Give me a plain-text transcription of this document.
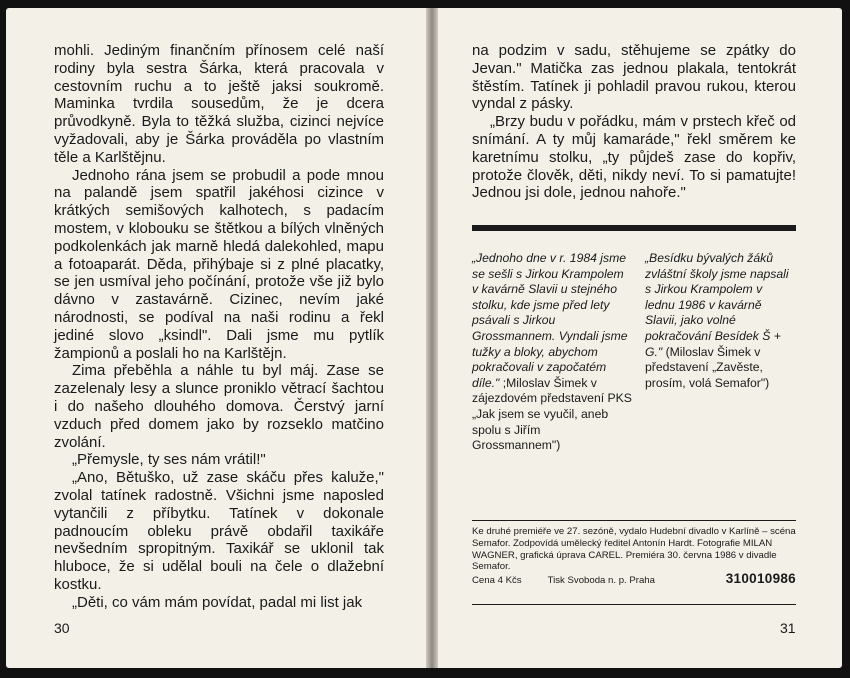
mohli. Jediným finančním přínosem celé naší rodiny byla sestra Šárka, která pracovala v cestovním ruchu a to ještě jaksi soukromě. Maminka tvrdila sousedům, že je dcera průvodkyně. Byla to těžká služba, cizinci nejvíce vyžadovali, aby je Šárka prováděla po vlastním těle a Karlštějnu.

Jednoho ránа jsem se probudil a pode mnou na palandě jsem spatřil jakéhosi cizince v krátkých semišových kalhotech, s padacím mostem, v klobouku se štětkou a bílých vlněných podkolenkách jak marně hledá dalekohled, mapu a fotoaparát. Děda, přihýbaje si z plné placatky, se jen usmíval jeho počínání, protože vše již bylo dávno v zastavárně. Cizinec, nevím jaké národnosti, se podíval na naši rodinu a řekl jediné slovo „ksindl". Dali jsme mu pytlík žampionů a poslali ho na Karlštějn.

Zima přeběhla a náhle tu byl máj. Zase se zazelenaly lesy a slunce proniklo větrací šachtou i do našeho dlouhého domova. Čerstvý jarní vzduch před domem jako by rozseklo matčino zvolání.

„Přemysle, ty ses nám vrátil!"

„Ano, Bětuško, už zase skáču přes kaluže," zvolal tatínek radostně. Všichni jsme naposled vytančili z příbytku. Tatínek v dokonale padnoucím obleku právě obdařil taxikáře nevšedním spropitným. Taxikář se uklonil tak hluboce, že si udělal bouli na čele o dlažební kostku.

„Děti, co vám mám povídat, padal mi list jak

30

na podzim v sadu, stěhujeme se zpátky do Jevan." Matička zas jednou plakala, tentokrát štěstím. Tatínek ji pohladil pravou rukou, kterou vyndal z pásky.

„Brzy budu v pořádku, mám v prstech křeč od snímání. A ty můj kamaráde," řekl směrem ke karetnímu stolku, „ty půjdeš zase do kopřiv, protože člověk, děti, nikdy neví. To si pamatujte! Jednou jsi dole, jednou nahoře."

„Jednoho dne v r. 1984 jsme se sešli s Jirkou Krampolem v kavárně Slavii u stejného stolku, kde jsme před lety psávali s Jirkou Grossmannem. Vyndali jsme tužky a bloky, abychom pokračovali v započatém díle." ;Miloslav Šimek v zájezdovém představení PKS „Jak jsem se vyučil, aneb spolu s Jiřím Grossmannem")
„Besídku bývalých žáků zvláštní školy jsme napsali s Jirkou Krampolem v lednu 1986 v kavárně Slavii, jako volné pokračování Besídek Š + G." (Miloslav Šimek v představení „Zavěste, prosím, volá Semafor")
Ke druhé premiéře ve 27. sezóně, vydalo Hudební divadlo v Karlíně – scéna Semafor. Zodpovídá umělecký ředitel Antonín Hardt. Fotografie MILAN WAGNER, grafická úprava CAREL. Premiéra 30. června 1986 v divadle Semafor.
Cena 4 Kčs	Tisk Svoboda n. p. Praha	310010986
31
